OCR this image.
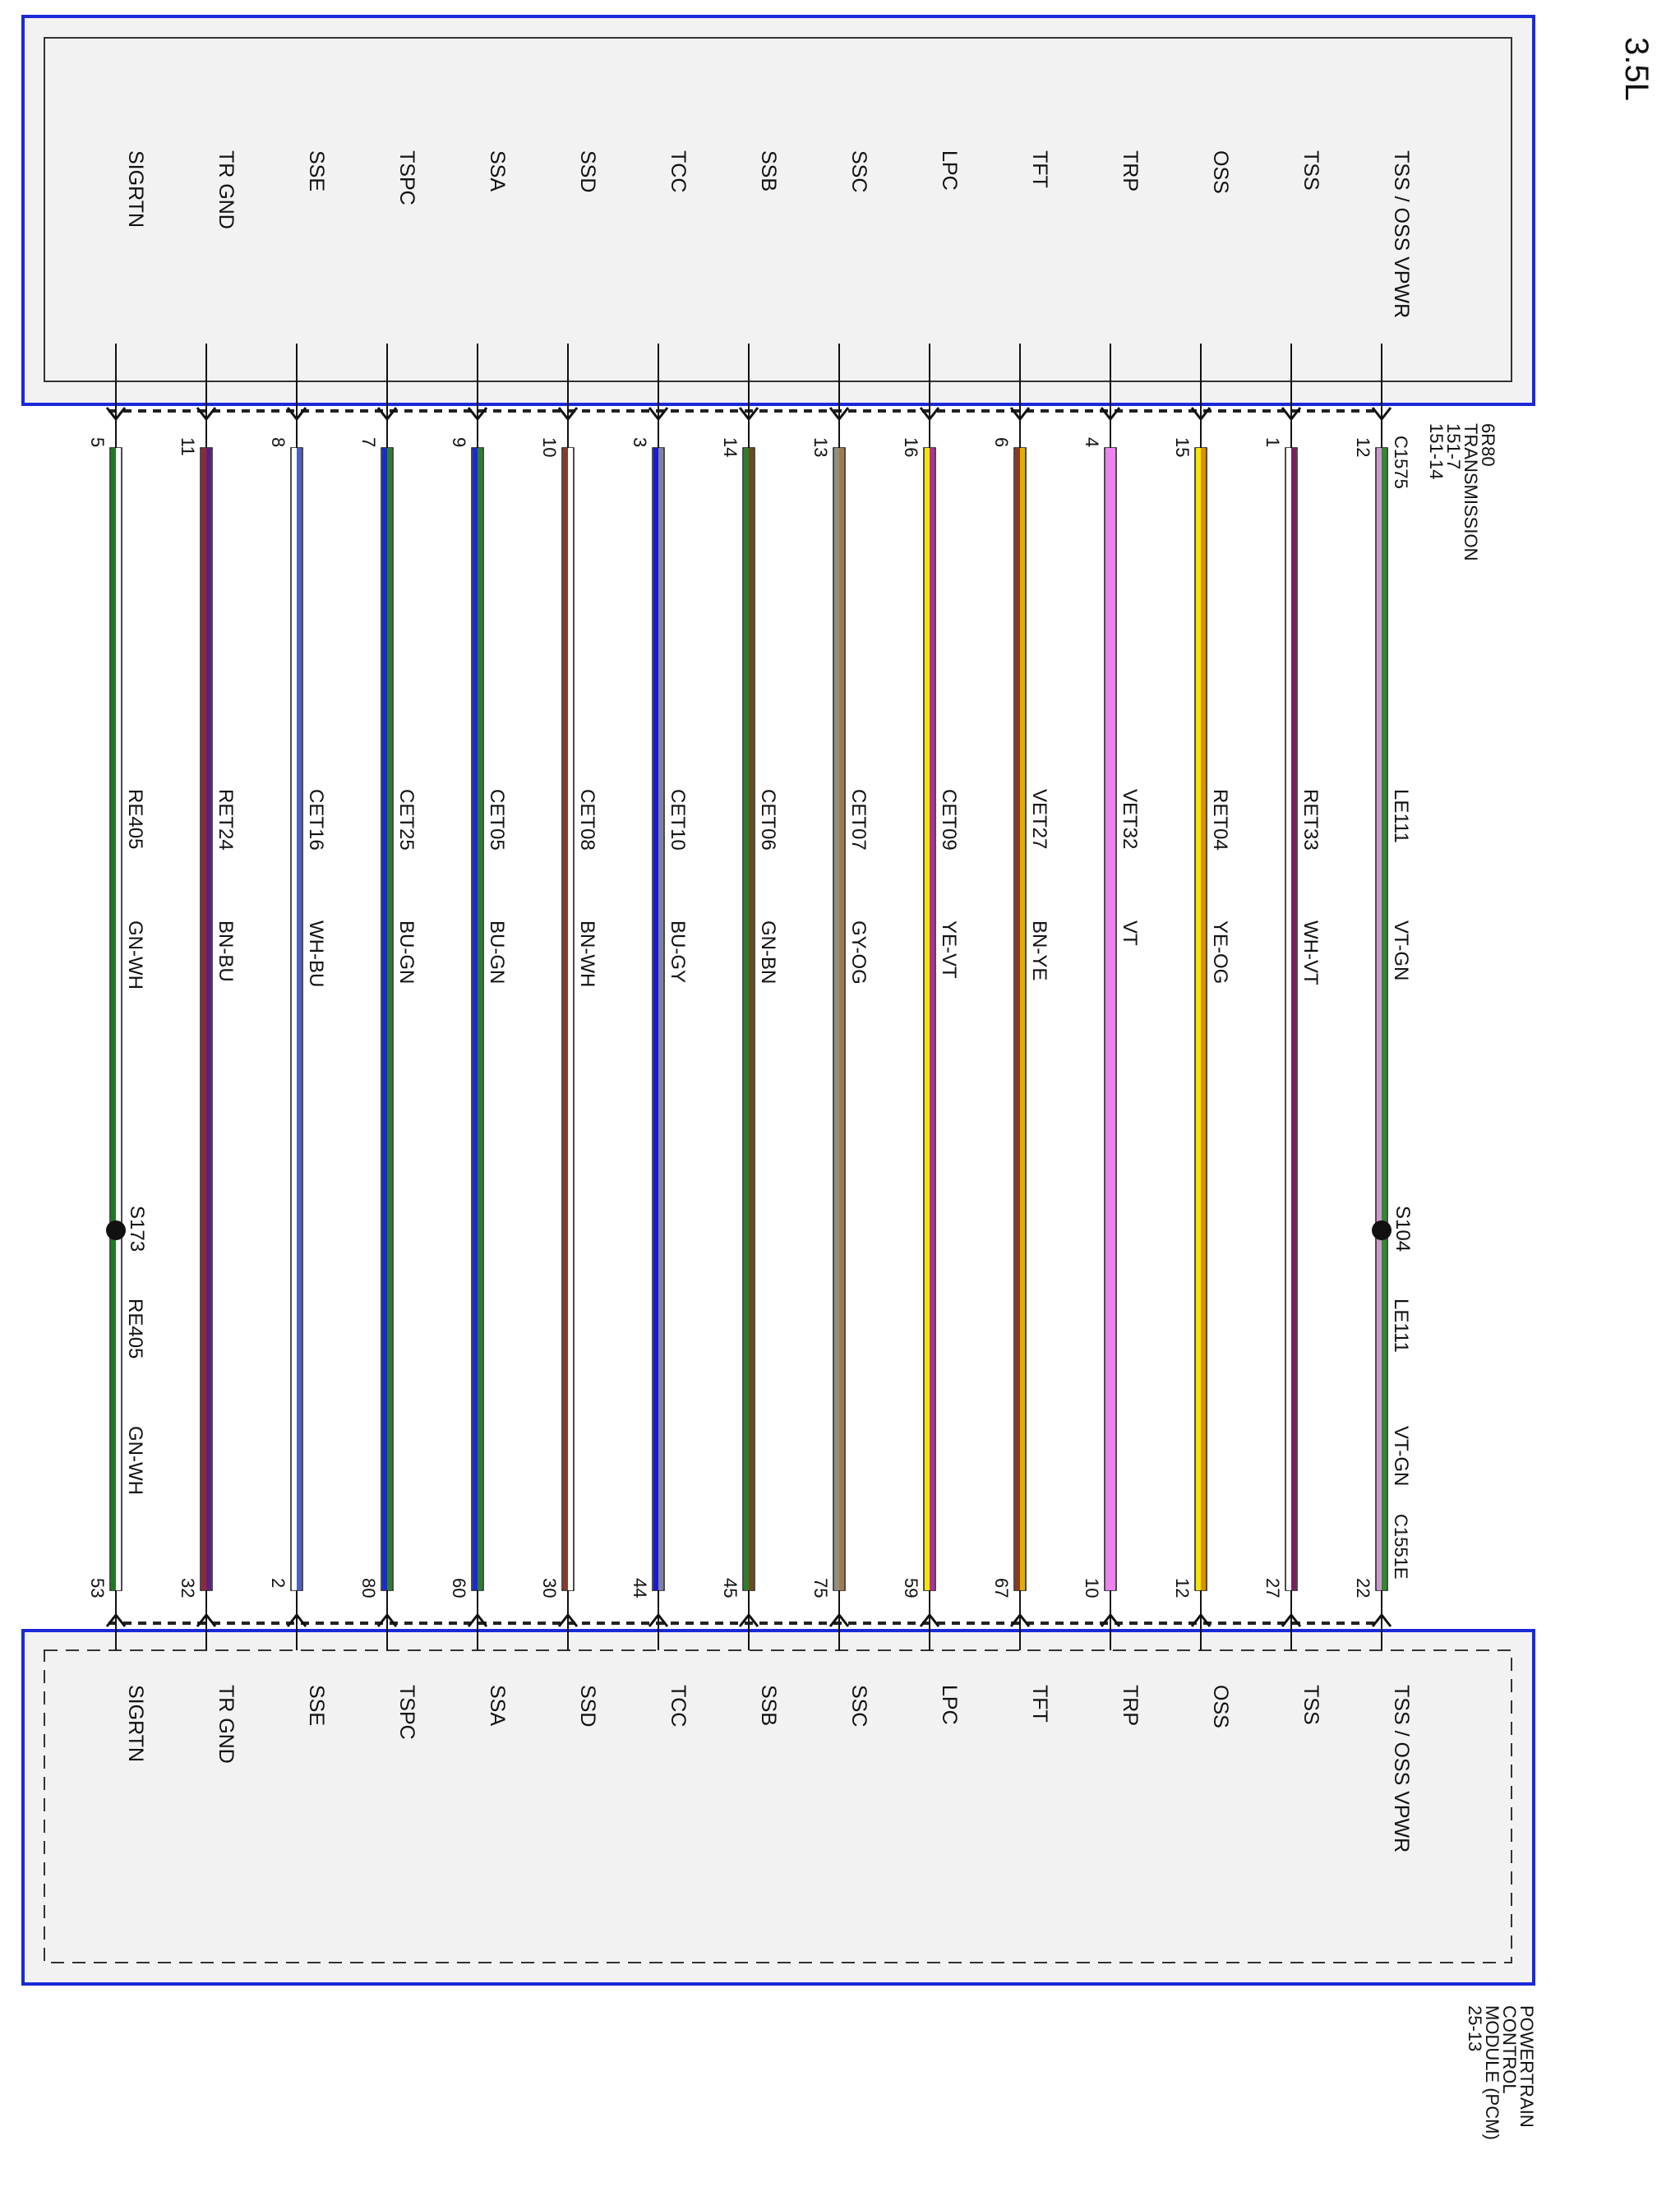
3.5L
6R80
TRANSMISSION
151-7
151-14
C1575
POWERTRAIN
CONTROL
MODULE (PCM)
25-13
C1551E
TSS / OSS VPWR
TSS / OSS VPWR
12
22
LE111
VT-GN
S104
LE111
VT-GN
TSS
TSS
1
27
RET33
WH-VT
OSS
OSS
15
12
RET04
YE-OG
TRP
TRP
4
10
VET32
VT
TFT
TFT
6
67
VET27
BN-YE
LPC
LPC
16
59
CET09
YE-VT
SSC
SSC
13
75
CET07
GY-OG
SSB
SSB
14
45
CET06
GN-BN
TCC
TCC
3
44
CET10
BU-GY
SSD
SSD
10
30
CET08
BN-WH
SSA
SSA
9
60
CET05
BU-GN
TSPC
TSPC
7
80
CET25
BU-GN
SSE
SSE
8
2
CET16
WH-BU
TR GND
TR GND
11
32
RET24
BN-BU
SIGRTN
SIGRTN
5
53
RE405
GN-WH
S173
RE405
GN-WH
